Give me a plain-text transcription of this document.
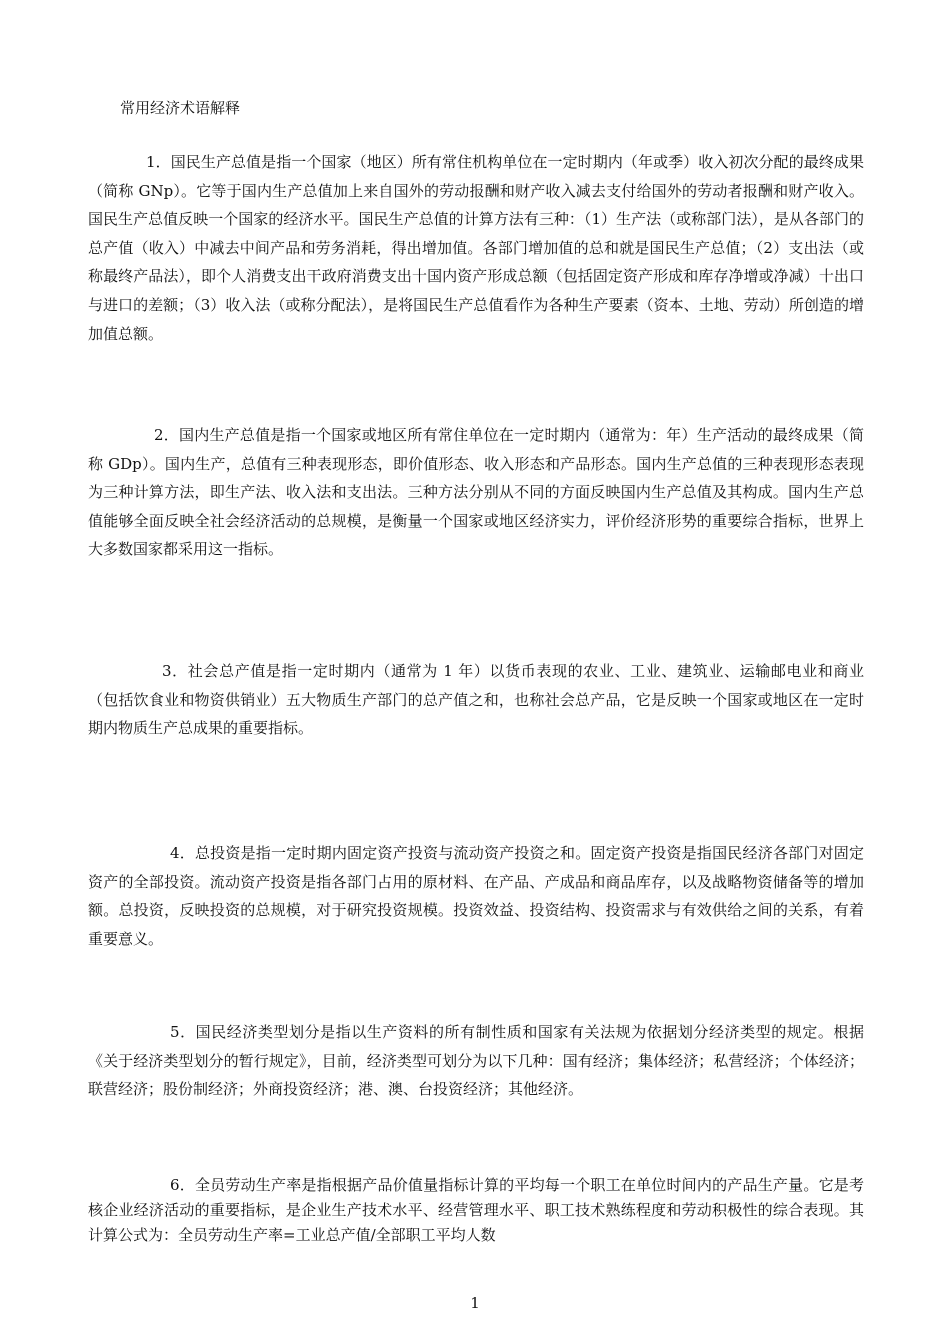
常用经济术语解释

1．国民生产总值是指一个国家（地区）所有常住机构单位在一定时期内（年或季）收入初次分配的最终成果（简称 GNp）。它等于国内生产总值加上来自国外的劳动报酬和财产收入减去支付给国外的劳动者报酬和财产收入。国民生产总值反映一个国家的经济水平。国民生产总值的计算方法有三种：（1）生产法（或称部门法），是从各部门的总产值（收入）中减去中间产品和劳务消耗，得出增加值。各部门增加值的总和就是国民生产总值；（2）支出法（或称最终产品法），即个人消费支出干政府消费支出十国内资产形成总额（包括固定资产形成和库存净增或净减）十出口与进口的差额；（3）收入法（或称分配法），是将国民生产总值看作为各种生产要素（资本、土地、劳动）所创造的增加值总额。

2．国内生产总值是指一个国家或地区所有常住单位在一定时期内（通常为：年）生产活动的最终成果（简称 GDp）。国内生产，总值有三种表现形态，即价值形态、收入形态和产品形态。国内生产总值的三种表现形态表现为三种计算方法，即生产法、收入法和支出法。三种方法分别从不同的方面反映国内生产总值及其构成。国内生产总值能够全面反映全社会经济活动的总规模，是衡量一个国家或地区经济实力，评价经济形势的重要综合指标，世界上大多数国家都采用这一指标。

3．社会总产值是指一定时期内（通常为 1 年）以货币表现的农业、工业、建筑业、运输邮电业和商业（包括饮食业和物资供销业）五大物质生产部门的总产值之和，也称社会总产品，它是反映一个国家或地区在一定时期内物质生产总成果的重要指标。

4．总投资是指一定时期内固定资产投资与流动资产投资之和。固定资产投资是指国民经济各部门对固定资产的全部投资。流动资产投资是指各部门占用的原材料、在产品、产成品和商品库存，以及战略物资储备等的增加额。总投资，反映投资的总规模，对于研究投资规模。投资效益、投资结构、投资需求与有效供给之间的关系，有着重要意义。

5．国民经济类型划分是指以生产资料的所有制性质和国家有关法规为依据划分经济类型的规定。根据《关于经济类型划分的暂行规定》，目前，经济类型可划分为以下几种：国有经济；集体经济；私营经济；个体经济；联营经济；股份制经济；外商投资经济；港、澳、台投资经济；其他经济。

6．全员劳动生产率是指根据产品价值量指标计算的平均每一个职工在单位时间内的产品生产量。它是考核企业经济活动的重要指标，是企业生产技术水平、经营管理水平、职工技术熟练程度和劳动积极性的综合表现。其计算公式为：全员劳动生产率=工业总产值/全部职工平均人数

1
